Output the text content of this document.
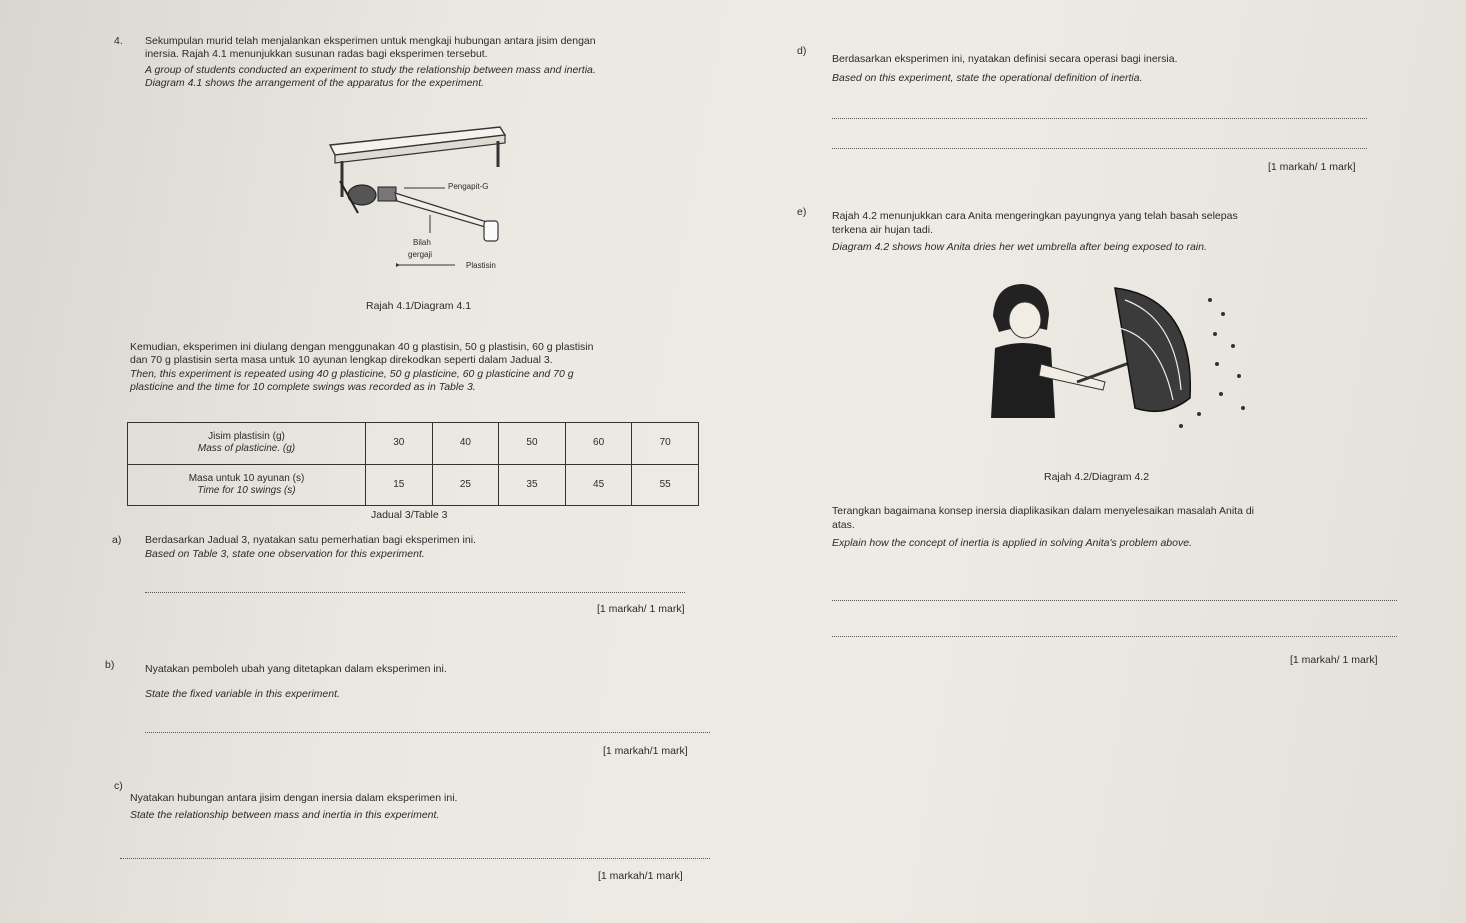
4. Sekumpulan murid telah menjalankan eksperimen untuk mengkaji hubungan antara jisim dengan
inersia. Rajah 4.1 menunjukkan susunan radas bagi eksperimen tersebut.
A group of students conducted an experiment to study the relationship between mass and inertia.
Diagram 4.1 shows the arrangement of the apparatus for the experiment.
Pengapit-G
Bilah
gergaji
Plastisin
Rajah 4.1/Diagram 4.1
Kemudian, eksperimen ini diulang dengan menggunakan 40 g plastisin, 50 g plastisin, 60 g plastisin
dan 70 g plastisin serta masa untuk 10 ayunan lengkap direkodkan seperti dalam Jadual 3.
Then, this experiment is repeated using 40 g plasticine, 50 g plasticine, 60 g plasticine and 70 g
plasticine and the time for 10 complete swings was recorded as in Table 3.
Jisim plastisin (g)
Mass of plasticine. (g)	30	40	50	60	70

Masa untuk 10 ayunan (s)
Time for 10 swings (s)	15	25	35	45	55
Jadual 3/Table 3
a) Berdasarkan Jadual 3, nyatakan satu pemerhatian bagi eksperimen ini.
Based on Table 3, state one observation for this experiment.
[1 markah/ 1 mark]
b)	Nyatakan pemboleh ubah yang ditetapkan dalam eksperimen ini.
State the fixed variable in this experiment.
[1 markah/1 mark]
c)
Nyatakan hubungan antara jisim dengan inersia dalam eksperimen ini.
State the relationship between mass and inertia in this experiment.
[1 markah/1 mark]
d)
Berdasarkan eksperimen ini, nyatakan definisi secara operasi bagi inersia.
Based on this experiment, state the operational definition of inertia.
[1 markah/ 1 mark]
e) Rajah 4.2 menunjukkan cara Anita mengeringkan payungnya yang telah basah selepas
terkena air hujan tadi.
Diagram 4.2 shows how Anita dries her wet umbrella after being exposed to rain.
Rajah 4.2/Diagram 4.2
Terangkan bagaimana konsep inersia diaplikasikan dalam menyelesaikan masalah Anita di
atas.
Explain how the concept of inertia is applied in solving Anita's problem above.
[1 markah/ 1 mark]
